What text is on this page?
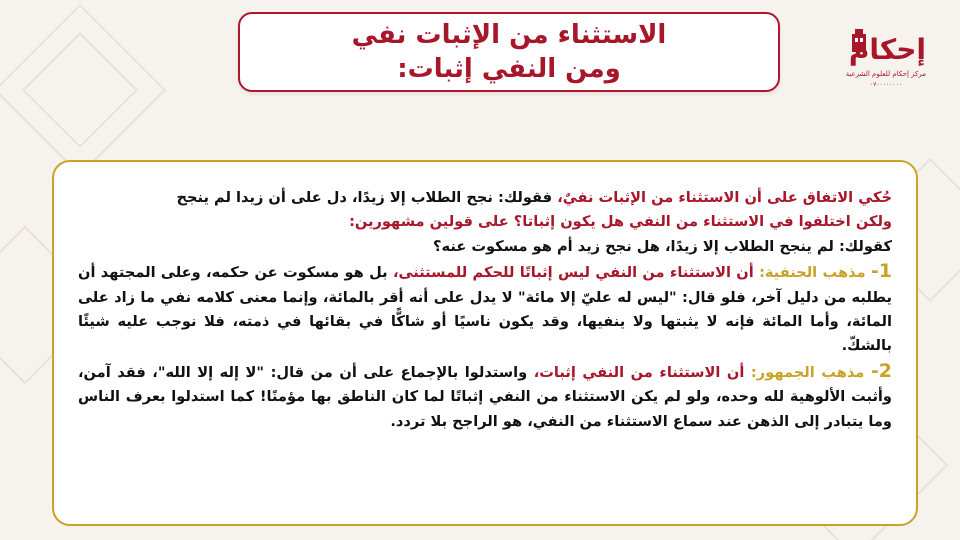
الاستثناء من الإثبات نفي
ومن النفي إثبات:
إحكام
مركز إحكام للعلوم الشرعية
۰۷۰۰۰۰۰۰۰۰

حُكي الاتفاق على أن الاستثناء من الإثبات نفيٌ، فقولك: نجح الطلاب إلا زيدًا، دل على أن زيدا لم ينجح

ولكن اختلفوا في الاستثناء من النفي هل يكون إثباتا؟ على قولين مشهورين:

كقولك: لم ينجح الطلاب إلا زيدًا، هل نجح زيد أم هو مسكوت عنه؟

1- مذهب الحنفية: أن الاستثناء من النفي ليس إثباتًا للحكم للمستثنى، بل هو مسكوت عن حكمه، وعلى المجتهد أن يطلبه من دليل آخر، فلو قال: "ليس له عليّ إلا مائة" لا يدل على أنه أقر بالمائة، وإنما معنى كلامه نفي ما زاد على المائة، وأما المائة فإنه لا يثبتها ولا ينفيها، وقد يكون ناسيًا أو شاكًّا في بقائها في ذمته، فلا نوجب عليه شيئًا بالشكّ.

2- مذهب الجمهور: أن الاستثناء من النفي إثبات، واستدلوا بالإجماع على أن من قال: "لا إله إلا الله"، فقد آمن، وأثبت الألوهية لله وحده، ولو لم يكن الاستثناء من النفي إثباتًا لما كان الناطق بها مؤمنًا! كما استدلوا بعرف الناس وما يتبادر إلى الذهن عند سماع الاستثناء من النفي، هو الراجح بلا تردد.
